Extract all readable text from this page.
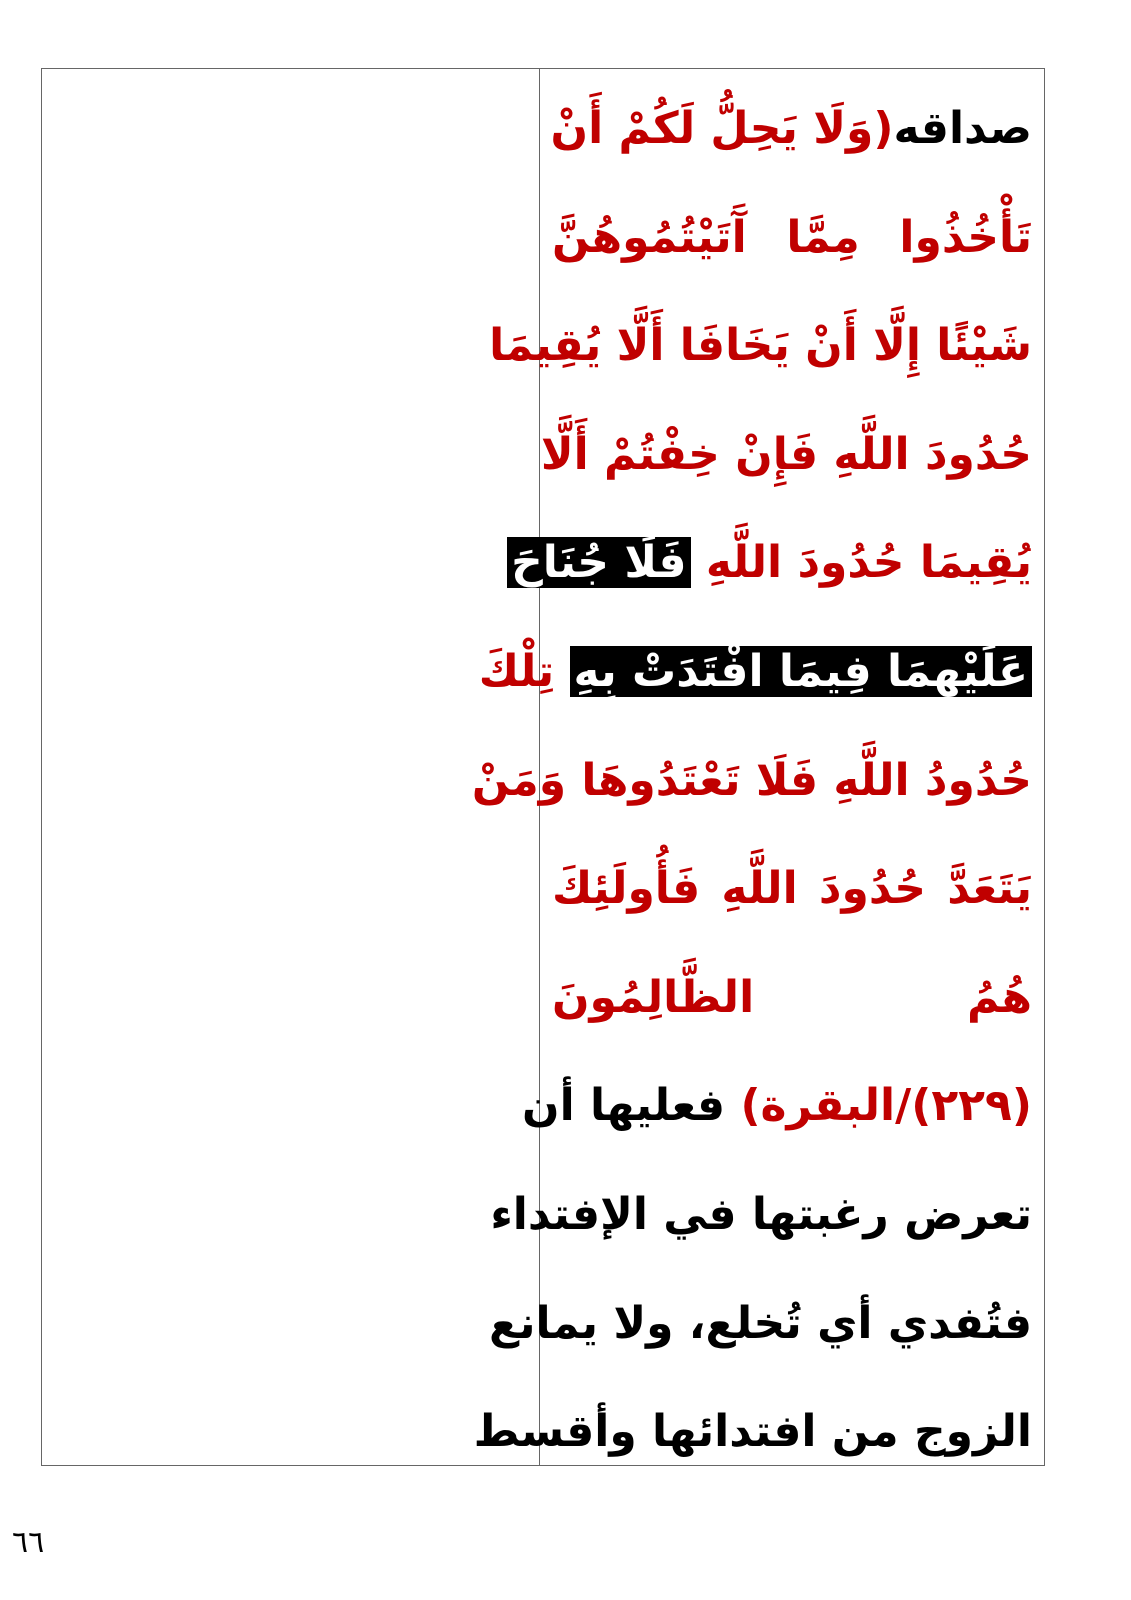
صداقه(وَلَا يَحِلُّ لَكُمْ أَنْ
تَأْخُذُوا مِمَّا آَتَيْتُمُوهُنَّ
شَيْئًا إِلَّا أَنْ يَخَافَا أَلَّا يُقِيمَا
حُدُودَ اللَّهِ فَإِنْ خِفْتُمْ أَلَّا
يُقِيمَا حُدُودَ اللَّهِ فَلَا جُنَاحَ
عَلَيْهِمَا فِيمَا افْتَدَتْ بِهِ تِلْكَ
حُدُودُ اللَّهِ فَلَا تَعْتَدُوهَا وَمَنْ
يَتَعَدَّ حُدُودَ اللَّهِ فَأُولَئِكَ
هُمُ الظَّالِمُونَ
(٢٢٩)/البقرة) فعليها أن
تعرض رغبتها في الإفتداء
فتُفدي أي تُخلع، ولا يمانع
الزوج من افتدائها وأقسط
٦٦
